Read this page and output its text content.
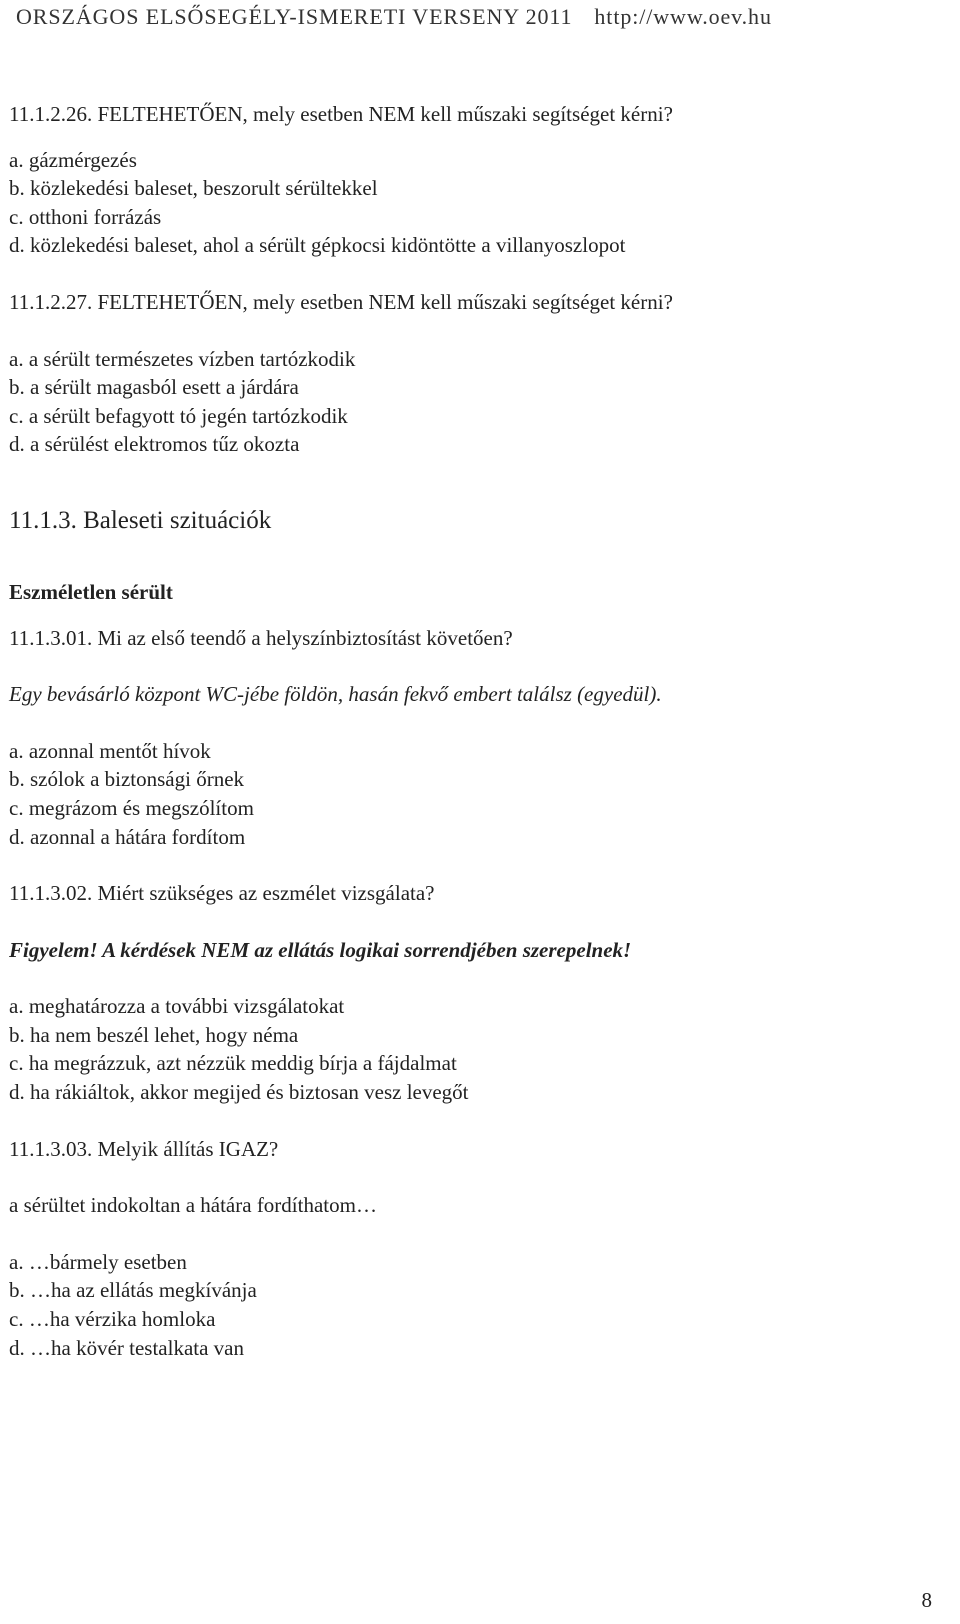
ORSZÁGOS ELSŐSEGÉLY-ISMERETI VERSENY 2011 http://www.oev.hu

11.1.2.26. FELTEHETŐEN, mely esetben NEM kell műszaki segítséget kérni?

a. gázmérgezés
b. közlekedési baleset, beszorult sérültekkel
c. otthoni forrázás
d. közlekedési baleset, ahol a sérült gépkocsi kidöntötte a villanyoszlopot

11.1.2.27. FELTEHETŐEN, mely esetben NEM kell műszaki segítséget kérni?

a. a sérült természetes vízben tartózkodik
b. a sérült magasból esett a járdára
c. a sérült befagyott tó jegén tartózkodik
d. a sérülést elektromos tűz okozta

11.1.3. Baleseti szituációk

Eszméletlen sérült

11.1.3.01. Mi az első teendő a helyszínbiztosítást követően?

Egy bevásárló központ WC-jébe földön, hasán fekvő embert találsz (egyedül).

a. azonnal mentőt hívok
b. szólok a biztonsági őrnek
c. megrázom és megszólítom
d. azonnal a hátára fordítom

11.1.3.02. Miért szükséges az eszmélet vizsgálata?

Figyelem! A kérdések NEM az ellátás logikai sorrendjében szerepelnek!

a. meghatározza a további vizsgálatokat
b. ha nem beszél lehet, hogy néma
c. ha megrázzuk, azt nézzük meddig bírja a fájdalmat
d. ha rákiáltok, akkor megijed és biztosan vesz levegőt

11.1.3.03. Melyik állítás IGAZ?

a sérültet indokoltan a hátára fordíthatom…

a. …bármely esetben
b. …ha az ellátás megkívánja
c. …ha vérzika homloka
d. …ha kövér testalkata van
8
